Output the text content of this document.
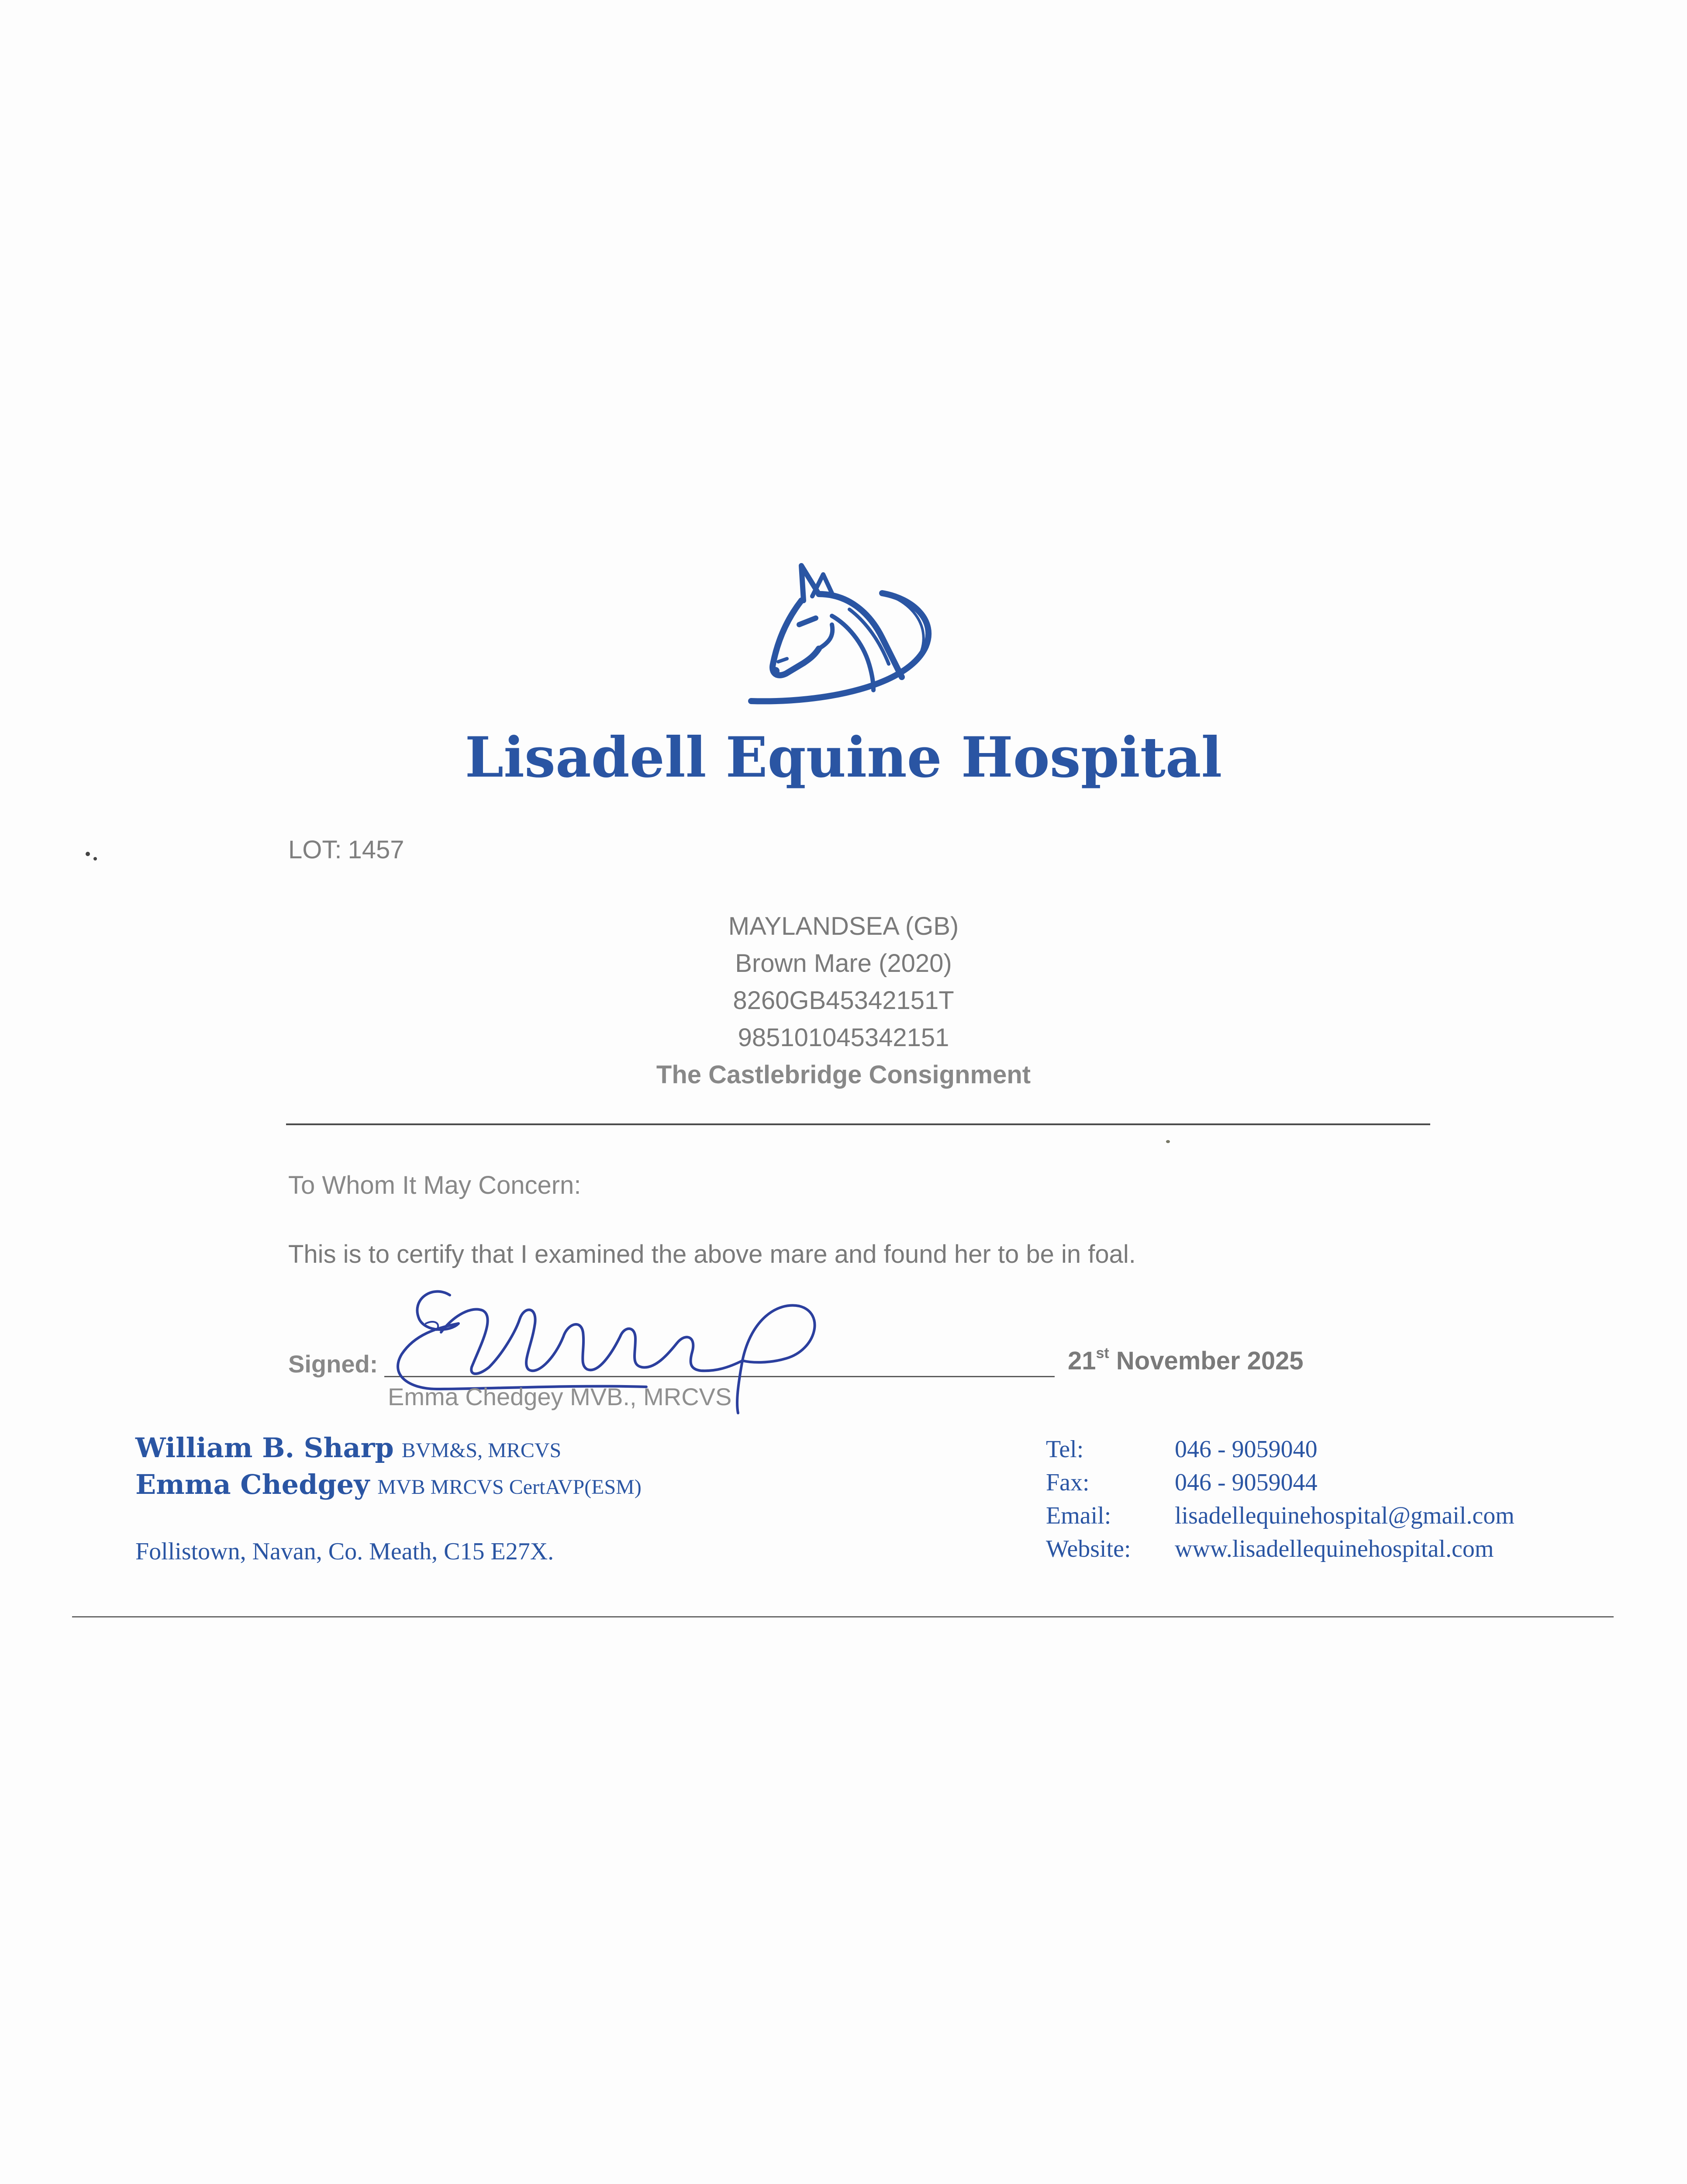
Lisadell Equine Hospital
LOT: 1457
MAYLANDSEA (GB)
Brown Mare (2020)
8260GB45342151T
985101045342151
The Castlebridge Consignment
To Whom It May Concern:
This is to certify that I examined the above mare and found her to be in foal.
Signed:
Emma Chedgey MVB., MRCVS
21st November 2025
William B. Sharp BVM&S, MRCVS
Emma Chedgey MVB MRCVS CertAVP(ESM)
Follistown, Navan, Co. Meath, C15 E27X.
Tel:	046 - 9059040
Fax:	046 - 9059044
Email:	lisadellequinehospital@gmail.com
Website:	www.lisadellequinehospital.com
